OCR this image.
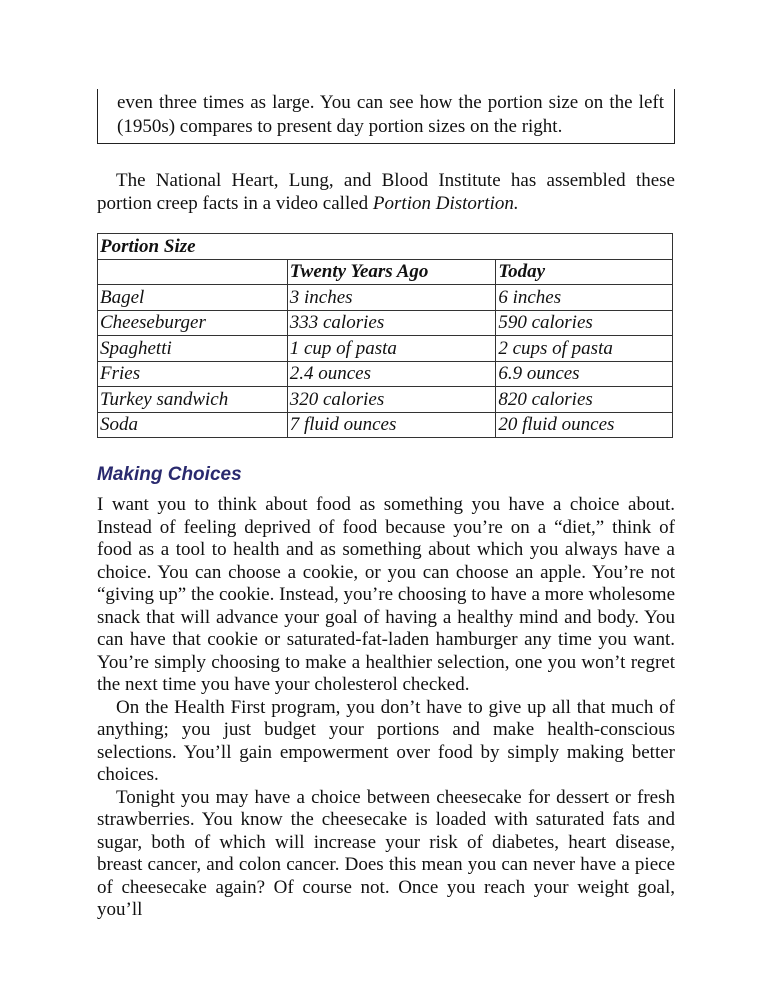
even three times as large. You can see how the portion size on the left (1950s) compares to present day portion sizes on the right.

The National Heart, Lung, and Blood Institute has assembled these portion creep facts in a video called Portion Distortion.

Portion Size		
	Twenty Years Ago	Today
Bagel	3 inches	6 inches
Cheeseburger	333 calories	590 calories
Spaghetti	1 cup of pasta	2 cups of pasta
Fries	2.4 ounces	6.9 ounces
Turkey sandwich	320 calories	820 calories
Soda	7 fluid ounces	20 fluid ounces
Making Choices

I want you to think about food as something you have a choice about. Instead of feeling deprived of food because you’re on a “diet,” think of food as a tool to health and as something about which you always have a choice. You can choose a cookie, or you can choose an apple. You’re not “giving up” the cookie. Instead, you’re choosing to have a more wholesome snack that will advance your goal of having a healthy mind and body. You can have that cookie or saturated-fat-laden hamburger any time you want. You’re simply choosing to make a healthier selection, one you won’t regret the next time you have your cholesterol checked.

On the Health First program, you don’t have to give up all that much of anything; you just budget your portions and make health-conscious selections. You’ll gain empowerment over food by simply making better choices.

Tonight you may have a choice between cheesecake for dessert or fresh strawberries. You know the cheesecake is loaded with saturated fats and sugar, both of which will increase your risk of diabetes, heart disease, breast cancer, and colon cancer. Does this mean you can never have a piece of cheesecake again? Of course not. Once you reach your weight goal, you’ll
